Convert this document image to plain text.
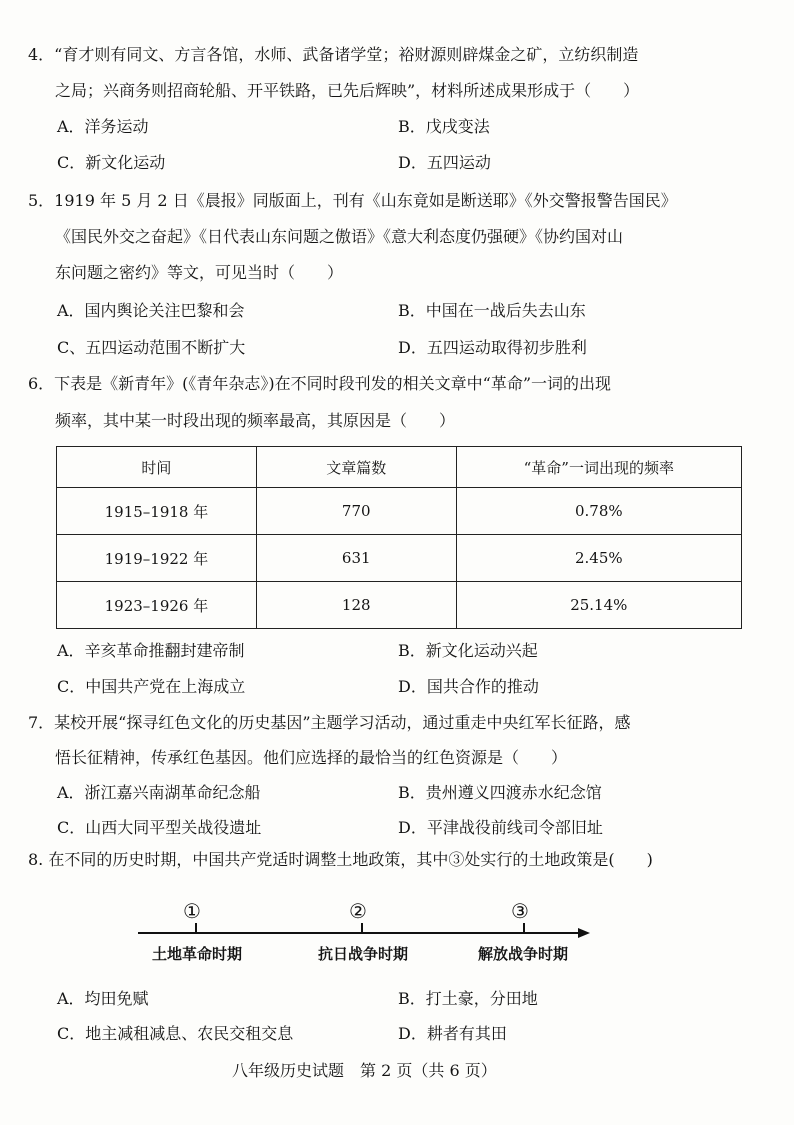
4．“育才则有同文、方言各馆，水师、武备诸学堂；裕财源则辟煤金之矿，立纺织制造
之局；兴商务则招商轮船、开平铁路，已先后辉映”，材料所述成果形成于（　　）
A．洋务运动	B．戊戌变法
C．新文化运动	D．五四运动
5．1919 年 5 月 2 日《晨报》同版面上，刊有《山东竟如是断送耶》《外交警报警告国民》
《国民外交之奋起》《日代表山东问题之傲语》《意大利态度仍强硬》《协约国对山
东问题之密约》等文，可见当时（　　）
A．国内舆论关注巴黎和会	B．中国在一战后失去山东
C、五四运动范围不断扩大	D．五四运动取得初步胜利
6．下表是《新青年》(《青年杂志》)在不同时段刊发的相关文章中“革命”一词的出现
频率，其中某一时段出现的频率最高，其原因是（　　）
时间	文章篇数	“革命”一词出现的频率
1915–1918 年	770	0.78%
1919–1922 年	631	2.45%
1923–1926 年	128	25.14%
A．辛亥革命推翻封建帝制	B．新文化运动兴起
C．中国共产党在上海成立	D．国共合作的推动
7．某校开展“探寻红色文化的历史基因”主题学习活动，通过重走中央红军长征路，感
悟长征精神，传承红色基因。他们应选择的最恰当的红色资源是（　　）
A．浙江嘉兴南湖革命纪念船	B．贵州遵义四渡赤水纪念馆
C．山西大同平型关战役遗址	D．平津战役前线司令部旧址
8. 在不同的历史时期，中国共产党适时调整土地政策，其中③处实行的土地政策是(　　)
①	②	③
土地革命时期	抗日战争时期	解放战争时期
A．均田免赋	B．打土豪，分田地
C．地主减租减息、农民交租交息	D．耕者有其田
八年级历史试题　第 2 页（共 6 页）
